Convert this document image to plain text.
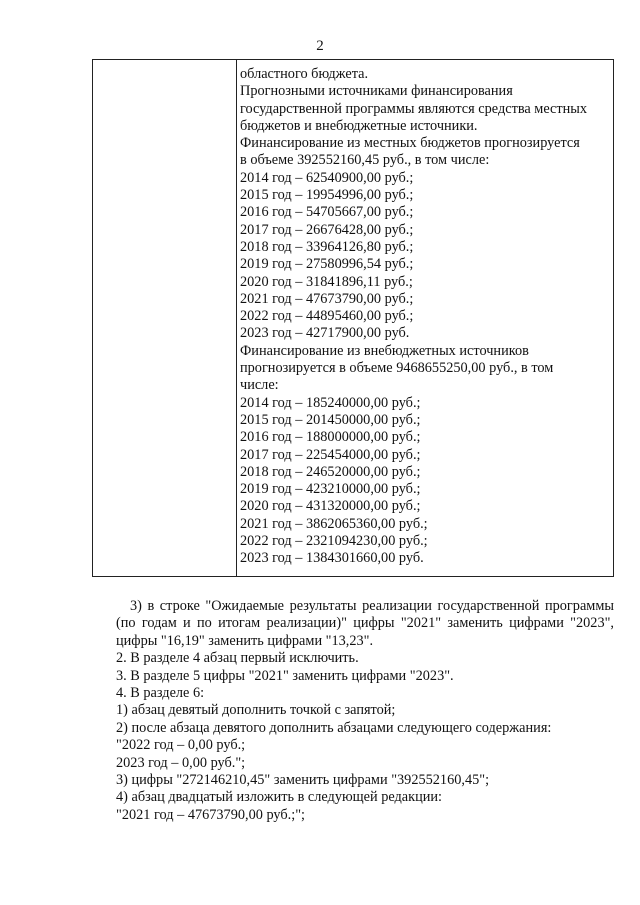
2
областного бюджета.
Прогнозными источниками финансирования
государственной программы являются средства местных
бюджетов и внебюджетные источники.
Финансирование из местных бюджетов прогнозируется
в объеме 392552160,45 руб., в том числе:
2014 год – 62540900,00 руб.;
2015 год – 19954996,00 руб.;
2016 год – 54705667,00 руб.;
2017 год – 26676428,00 руб.;
2018 год – 33964126,80 руб.;
2019 год – 27580996,54 руб.;
2020 год – 31841896,11 руб.;
2021 год – 47673790,00 руб.;
2022 год – 44895460,00 руб.;
2023 год – 42717900,00 руб.
Финансирование из внебюджетных источников
прогнозируется в объеме 9468655250,00 руб., в том
числе:
2014 год – 185240000,00 руб.;
2015 год – 201450000,00 руб.;
2016 год – 188000000,00 руб.;
2017 год – 225454000,00 руб.;
2018 год – 246520000,00 руб.;
2019 год – 423210000,00 руб.;
2020 год – 431320000,00 руб.;
2021 год – 3862065360,00 руб.;
2022 год – 2321094230,00 руб.;
2023 год – 1384301660,00 руб.
3) в строке "Ожидаемые результаты реализации государственной программы (по годам и по итогам реализации)" цифры "2021" заменить цифрами "2023", цифры "16,19" заменить цифрами "13,23".
2. В разделе 4 абзац первый исключить.
3. В разделе 5 цифры "2021" заменить цифрами "2023".
4. В разделе 6:
1) абзац девятый дополнить точкой с запятой;
2) после абзаца девятого дополнить абзацами следующего содержания:
"2022 год – 0,00 руб.;
2023 год – 0,00 руб.";
3) цифры "272146210,45" заменить цифрами "392552160,45";
4) абзац двадцатый изложить в следующей редакции:
"2021 год – 47673790,00 руб.;";
